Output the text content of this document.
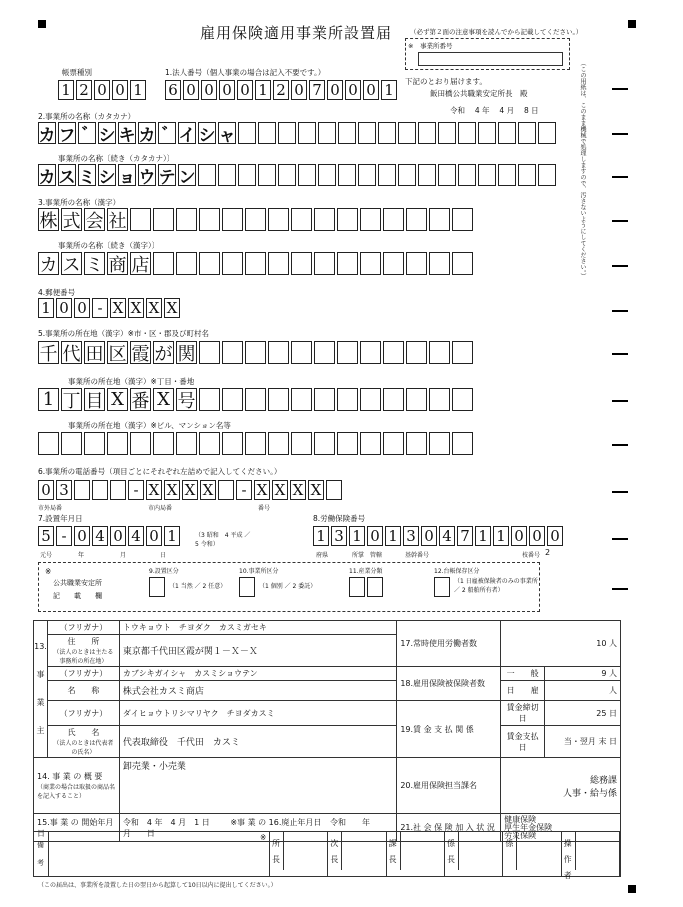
雇用保険適用事業所設置届	（必ず第２面の注意事項を読んでから記載してください。）
※　事業所番号
（この用紙は、このまま機械で処理しますので、汚さないようにしてください。）
帳票種別
1 2 0 0 1
1.法人番号（個人事業の場合は記入不要です。）
6 0 0 0 0 1 2 0 7 0 0 0 1	下記のとおり届けます。
飯田橋公共職業安定所長　殿
令和　 4 年 　4 月　 8 日
2.事業所の名称（カタカナ）
カ フ シ キ カ イ シ ャ
事業所の名称〔続き（カタカナ）〕
カ ス ミ シ ョ ウ テ ン
3.事業所の名称（漢字）
株 式 会 社
事業所の名称〔続き（漢字）〕
カ ス ミ 商 店
4.郵便番号
1 0 0 - X X X X
5.事業所の所在地（漢字）※市・区・郡及び町村名
千 代 田 区 霞 が 関
事業所の所在地（漢字）※丁目・番地
1 丁 目 X 番 X 号
事業所の所在地（漢字）※ビル、マンション名等
6.事業所の電話番号（項目ごとにそれぞれ左詰めで記入してください。）
0 3	- X X X X	- X X X X
市外局番	市内局番	番号
7.設置年月日
5 - 0 4 0 4 0 1	（3 昭和　4 平成 ／ 5 令和）
元号	年	月	日
8.労働保険番号
1 3 1 0 1 3 0 4 7 1 1 0 0 0
府県	所掌 管轄	基幹番号	枝番号 2
※
公共職業安定所
記　　載　　欄
9.設置区分
（1 当然 ／ 2 任意）
10.事業所区分
（1 個別 ／ 2 委託）
11.産業分類	12.台帳保存区分
（1 日雇被保険者のみの事業所 ／ 2 船舶所有者）
13.
事
業
主	（フリガナ）	トウキョウト　チヨダク　カスミガセキ	17.常時使用労働者数	10 人	
	住　　所
（法人のときは主たる事務所の所在地）	東京都千代田区霞が関１－Ｘ－Ｘ			
	（フリガナ）	カブシキガイシャ　カスミショウテン	18.雇用保険被保険者数	一　　般	9 人
	名　　称	株式会社カスミ商店		日　　雇	人
	（フリガナ）	ダイヒョウトリシマリヤク　チヨダカスミ	19.賃 金 支 払 関 係	賃金締切日	25 日
	氏　　名
（法人のときは代表者の氏名）	代表取締役　千代田　カスミ		賃金支払日	当・翌月 末 日
14. 事 業 の 概 要
（商業の場合は取扱の商品名を記入すること）		卸売業・小売業	20.雇用保険担当課名	総務課
人事・給与係	
15.事 業 の 開始年月日		令和　4 年　4 月　1 日 ※事 業 の 16.廃止年月日 令和　　年　　月　　日	21.社 会 保 険 加 入 状 況	健康保険
厚生年金保険
労災保険	
備考
※
所長
次長
課長
係長
係	操作者
（この届出は、事業所を設置した日の翌日から起算して10日以内に提出してください。）
